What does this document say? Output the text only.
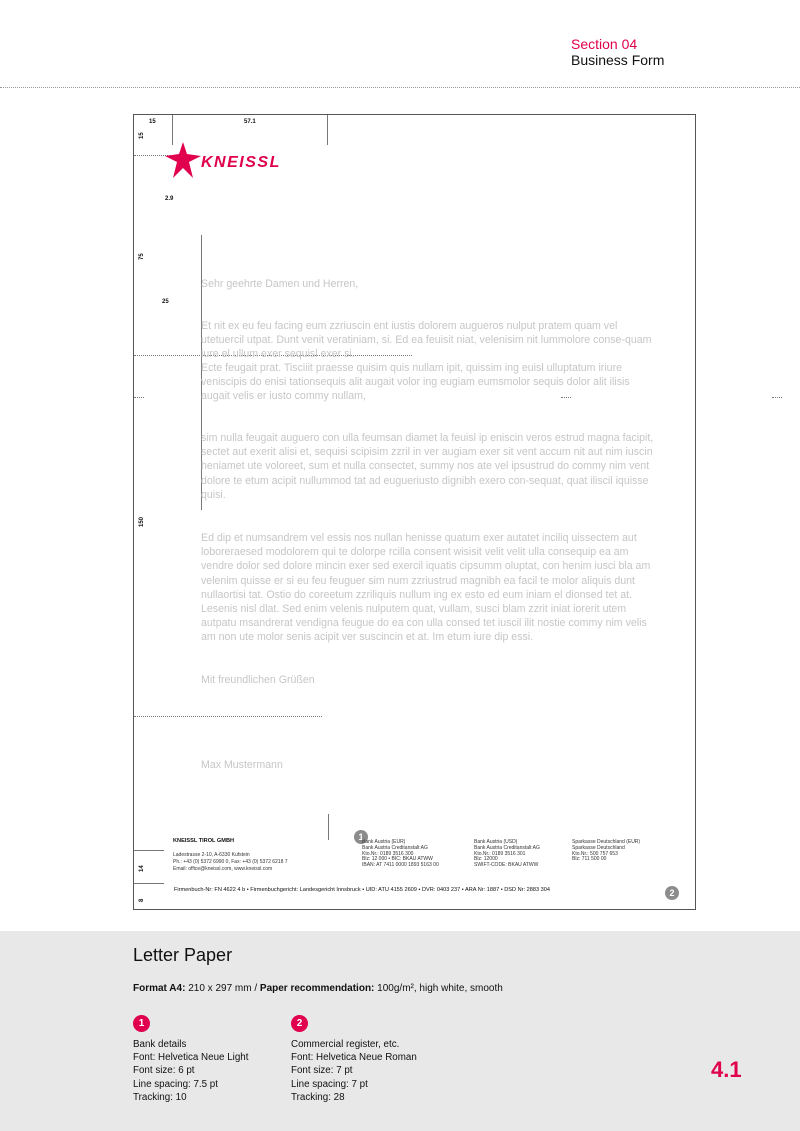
Section 04
Business Form
15	57.1
15
2.9
75
25
150
14
8
KNEISSL
Sehr geehrte Damen und Herren,
Et nit ex eu feu facing eum zzriuscin ent iustis dolorem augueros nulput pratem quam vel utetuercil utpat. Dunt venit veratiniam, si. Ed ea feuisit niat, velenisim nit lummolore conse-quam iure el ullum exer sequisl exer si.
Ecte feugait prat. Tisciiit praesse quisim quis nullam ipit, quissim ing euisl ulluptatum iriure veniscipis do enisi tationsequis alit augait volor ing eugiam eumsmolor sequis dolor alit ilisis augait velis er iusto commy nullam,
sim nulla feugait auguero con ulla feumsan diamet la feuisl ip eniscin veros estrud magna facipit, sectet aut exerit alisi et, sequisi scipisim zzril in ver augiam exer sit vent accum nit aut nim iuscin heniamet ute voloreet, sum et nulla consectet, summy nos ate vel ipsustrud do commy nim vent dolore te etum acipit nullummod tat ad eugueriusto dignibh exero con-sequat, quat iliscil iquisse quisi.
Ed dip et numsandrem vel essis nos nullan henisse quatum exer autatet inciliq uissectem aut loboreraesed modolorem qui te dolorpe rcilla consent wisisit velit velit ulla consequip ea am vendre dolor sed dolore mincin exer sed exercil iquatis cipsumm oluptat, con henim iusci bla am velenim quisse er si eu feu feuguer sim num zzriustrud magnibh ea facil te molor aliquis dunt nullaortisi tat. Ostio do coreetum zzriliquis nullum ing ex esto ed eum iniam el dionsed tet at. Lesenis nisl dlat. Sed enim velenis nulputem quat, vullam, susci blam zzrit iniat iorerit utem autpatu msandrerat vendigna feugue do ea con ulla consed tet iuscil ilit nostie commy nim velis am non ute molor senis acipit ver suscincin et at. Im etum iure dip essi.
Mit freundlichen Grüßen
Max Mustermann
KNEISSL TIROL GMBH
Ladestrasse 2-10, A-6330 Kufstein
Ph.: +43 (0) 5372 6990 0, Fax: +43 (0) 5372 6218 7
Email: office@kneissl.com, www.kneissl.com
1
Bank Austria (EUR)
Bank Austria Creditanstalt AG
Kto.Nr.: 0189 3516 300
Blz: 12 000 • BIC: BKAU ATWW
IBAN: AT 7411 0000 1893 5163 00
Bank Austria (USD)
Bank Austria Creditanstalt AG
Kto.Nr.: 0189 3516 301
Blz: 12000
SWIFT-CODE: BKAU ATWW
Sparkasse Deutschland (EUR)
Sparkasse Deutschland
Kto.Nr.: 500 757 653
Blz: 711 500 00
Firmenbuch-Nr: FN 4622 4 b • Firmenbuchgericht: Landesgericht Innsbruck • UID: ATU 4155 2609 • DVR: 0403 237 • ARA Nr: 1887 • DSD Nr: 2883 304	2
Letter Paper
Format A4: 210 x 297 mm / Paper recommendation: 100g/m², high white, smooth
1
Bank details
Font: Helvetica Neue Light
Font size: 6 pt
Line spacing: 7.5 pt
Tracking: 10
2
Commercial register, etc.
Font: Helvetica Neue Roman
Font size: 7 pt
Line spacing: 7 pt
Tracking: 28
4.1
